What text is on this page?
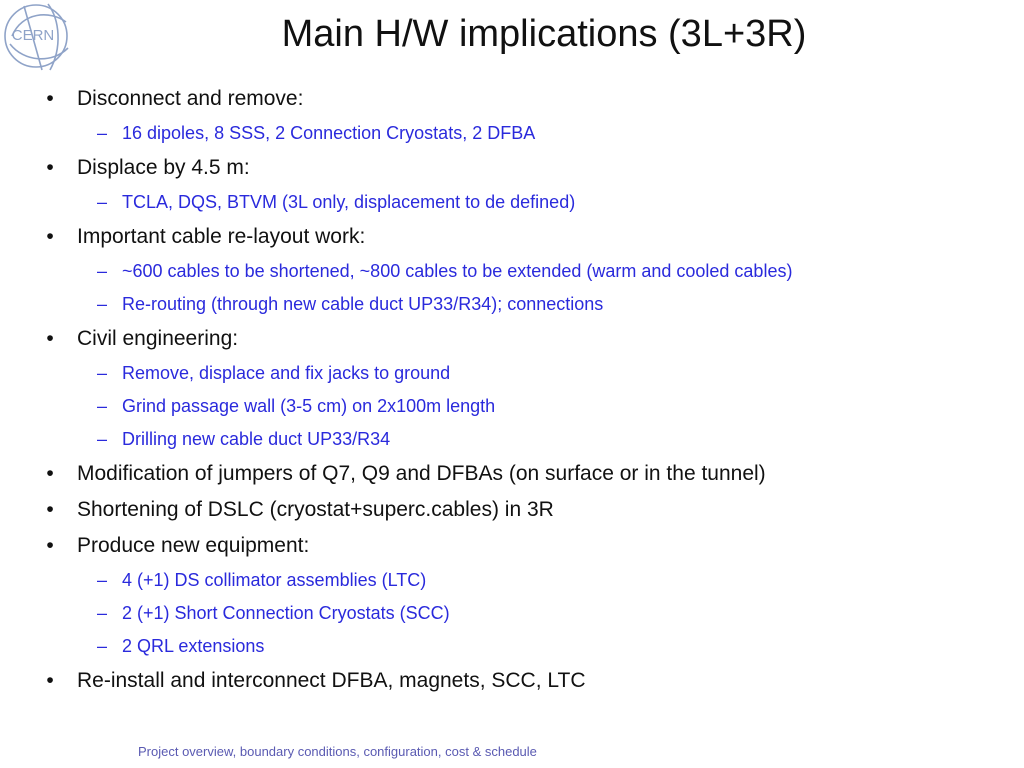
CERN	Main H/W implications (3L+3R)
• Disconnect and remove:
– 16 dipoles, 8 SSS, 2 Connection Cryostats, 2 DFBA
• Displace by 4.5 m:
– TCLA, DQS, BTVM (3L only, displacement to de defined)
• Important cable re-layout work:
– ~600 cables to be shortened, ~800 cables to be extended (warm and cooled cables)
– Re-routing (through new cable duct UP33/R34); connections
• Civil engineering:
– Remove, displace and fix jacks to ground
– Grind passage wall (3-5 cm) on 2x100m length
– Drilling new cable duct UP33/R34
• Modification of jumpers of Q7, Q9 and DFBAs (on surface or in the tunnel)
• Shortening of DSLC (cryostat+superc.cables) in 3R
• Produce new equipment:
– 4 (+1) DS collimator assemblies (LTC)
– 2 (+1) Short Connection Cryostats (SCC)
– 2 QRL extensions
• Re-install and interconnect DFBA, magnets, SCC, LTC
Project overview, boundary conditions, configuration, cost & schedule
